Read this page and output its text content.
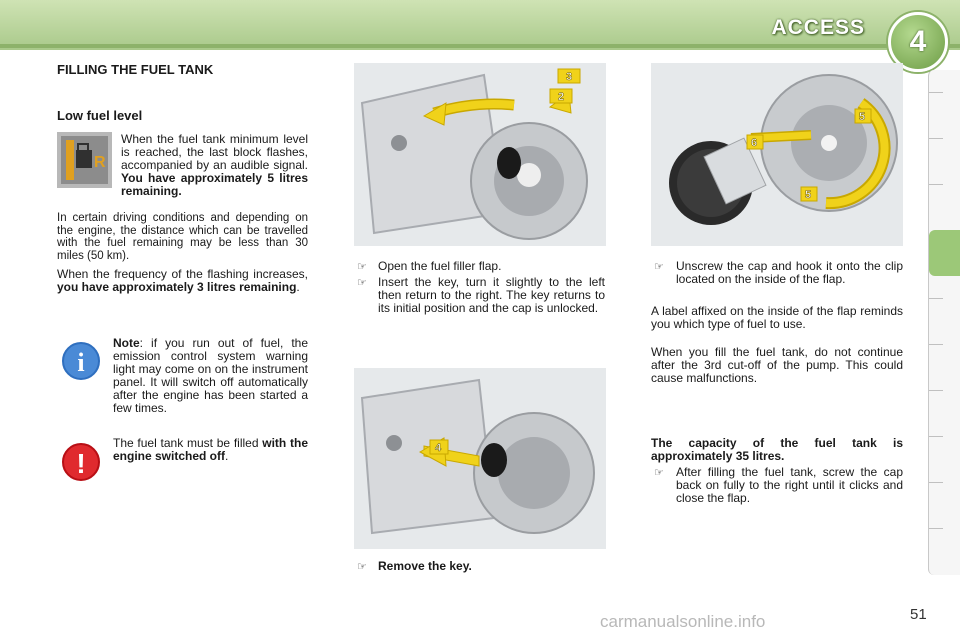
ACCESS	4
FILLING THE FUEL TANK
Low fuel level
R
When the fuel tank minimum level is reached, the last block flashes, accompanied by an audible signal. You have approximately 5 litres remaining.
In certain driving conditions and depending on the engine, the distance which can be travelled with the fuel remaining may be less than 30 miles (50 km).
When the frequency of the flashing increases, you have approximately 3 litres remaining.
i
Note: if you run out of fuel, the emission control system warning light may come on on the instrument panel. It will switch off automatically after the engine has been started a few times.
!
The fuel tank must be filled with the engine switched off.
3
2
☞ Open the fuel filler flap.
☞ Insert the key, turn it slightly to the left then return to the right. The key returns to its initial position and the cap is unlocked.
4
☞ Remove the key.
6
5
5
☞ Unscrew the cap and hook it onto the clip located on the inside of the flap.
A label affixed on the inside of the flap reminds you which type of fuel to use.
When you fill the fuel tank, do not continue after the 3rd cut-off of the pump. This could cause malfunctions.
The capacity of the fuel tank is approximately 35 litres.
☞ After filling the fuel tank, screw the cap back on fully to the right until it clicks and close the flap.
carmanualsonline.info	51
